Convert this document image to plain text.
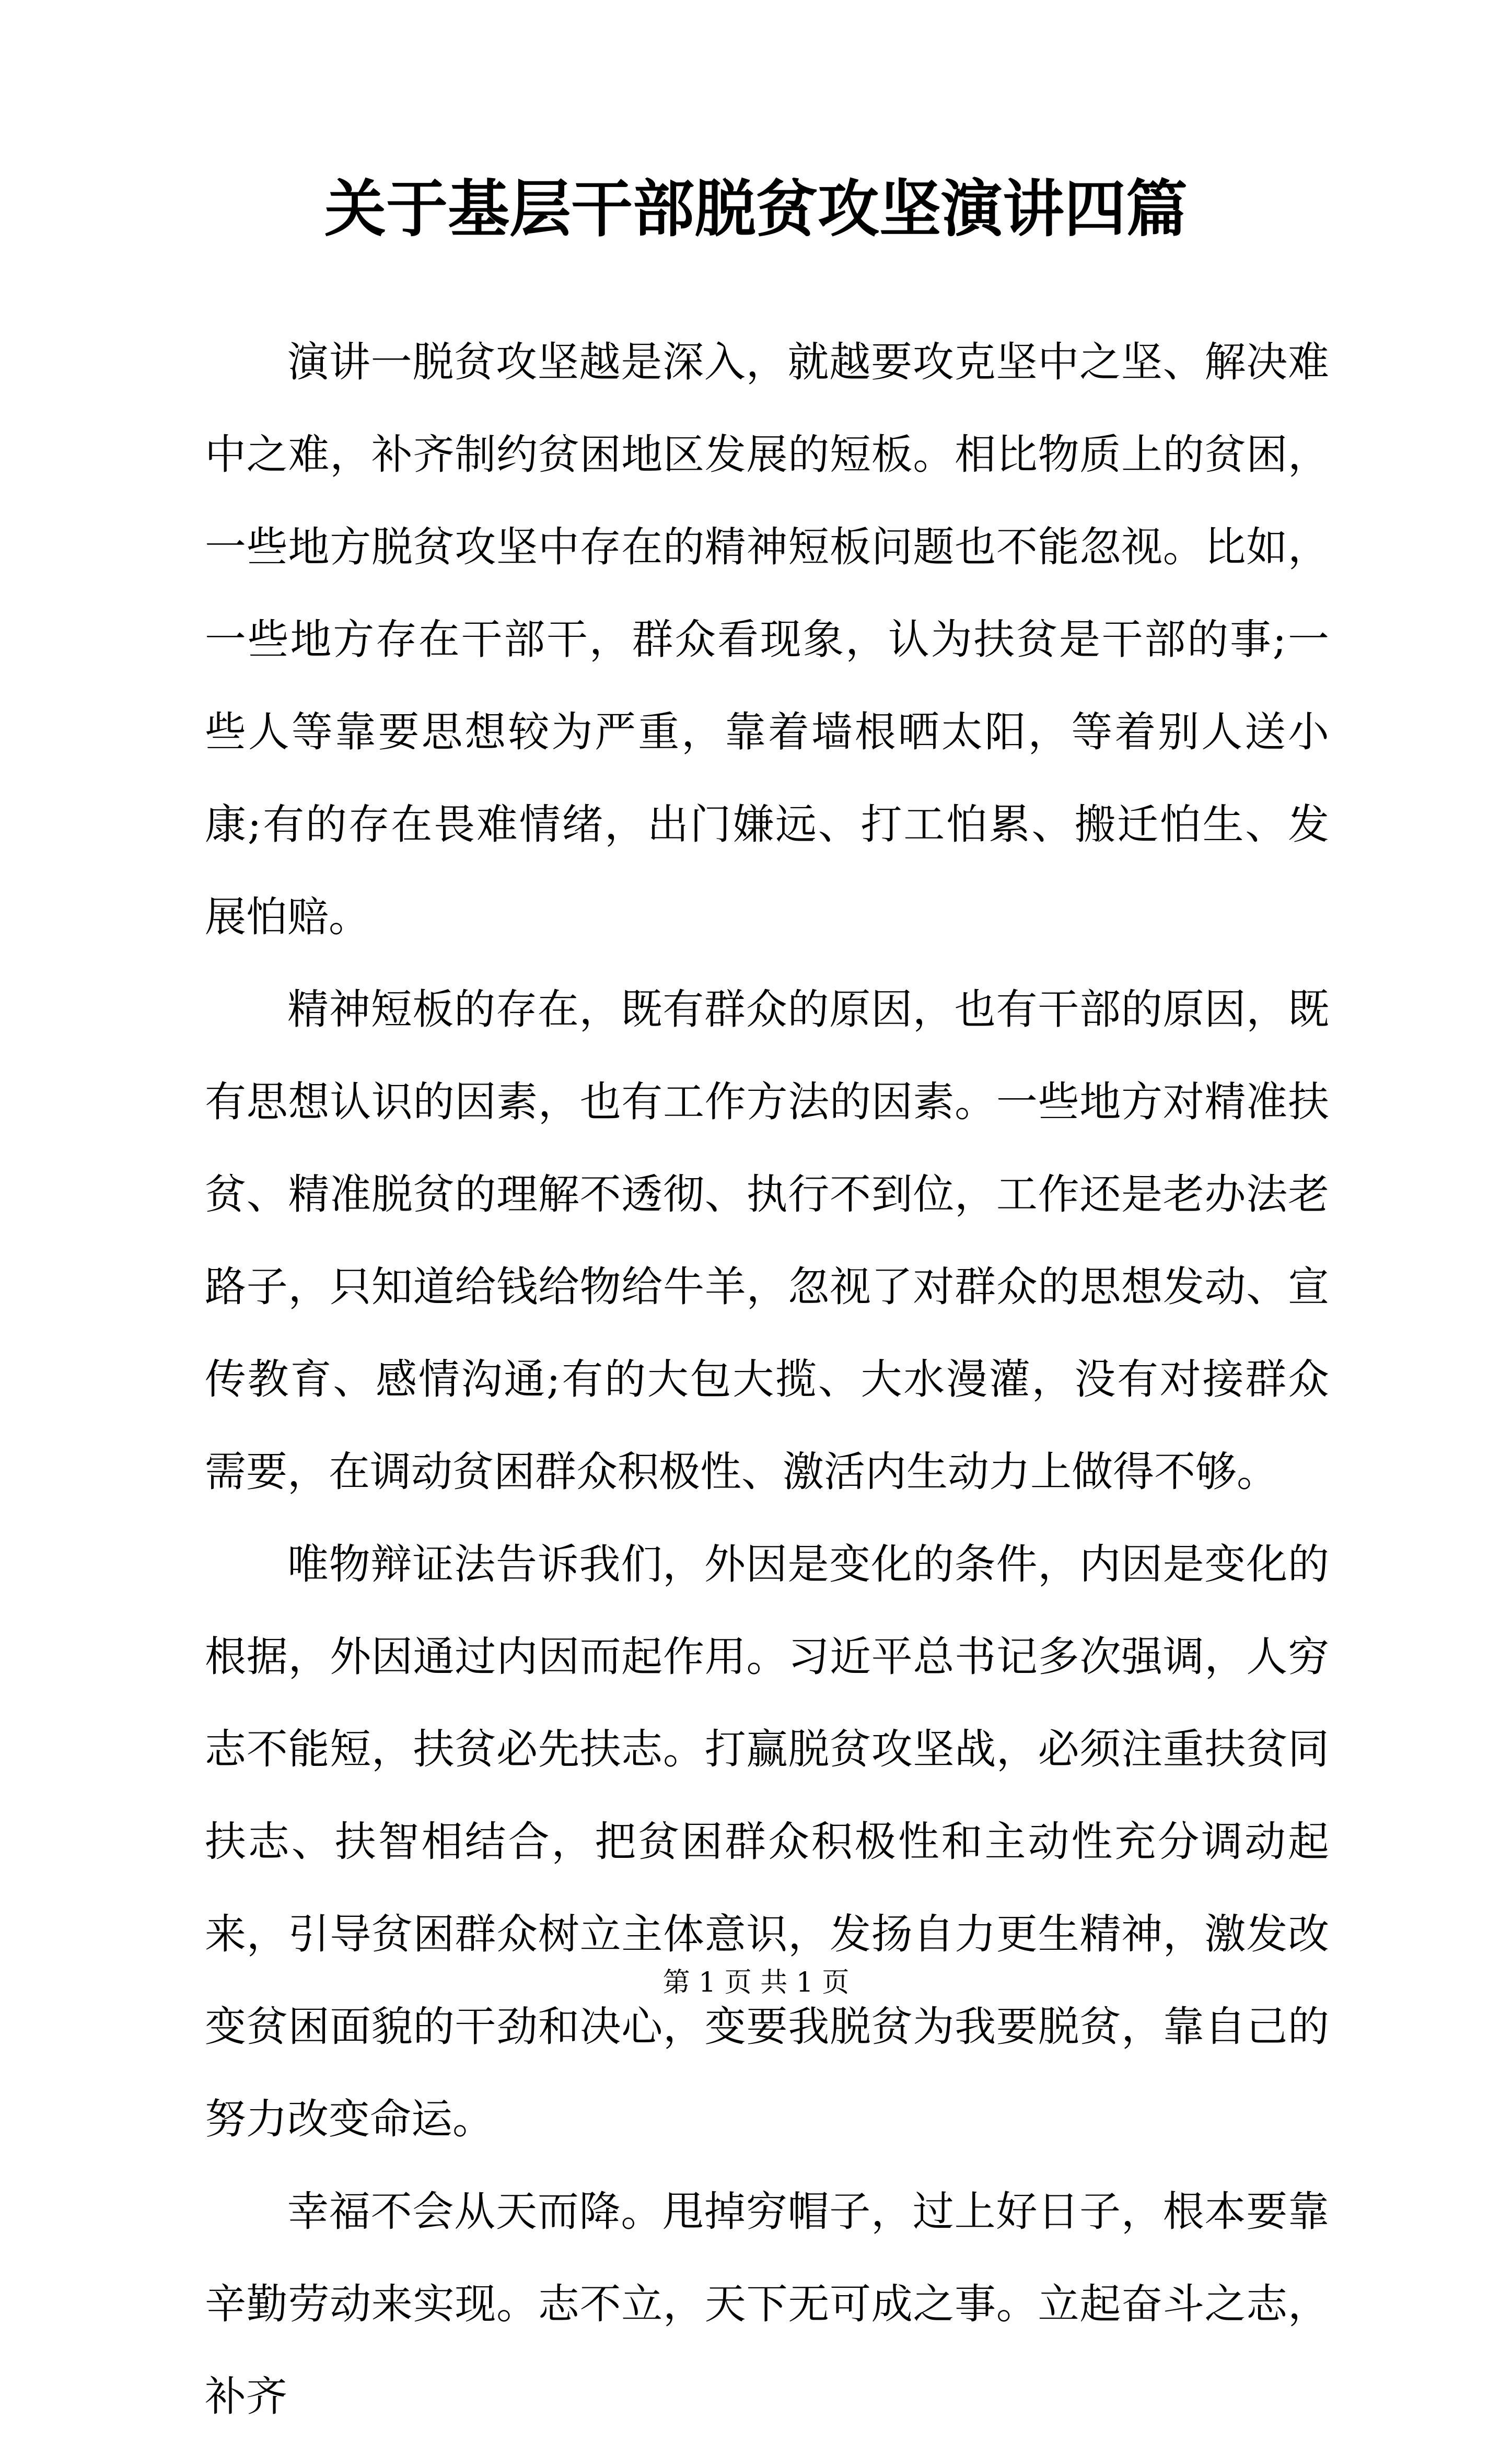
关于基层干部脱贫攻坚演讲四篇

演讲一脱贫攻坚越是深入，就越要攻克坚中之坚、解决难中之难，补齐制约贫困地区发展的短板。相比物质上的贫困，一些地方脱贫攻坚中存在的精神短板问题也不能忽视。比如，一些地方存在干部干，群众看现象，认为扶贫是干部的事;一些人等靠要思想较为严重，靠着墙根晒太阳，等着别人送小康;有的存在畏难情绪，出门嫌远、打工怕累、搬迁怕生、发展怕赔。

精神短板的存在，既有群众的原因，也有干部的原因，既有思想认识的因素，也有工作方法的因素。一些地方对精准扶贫、精准脱贫的理解不透彻、执行不到位，工作还是老办法老路子，只知道给钱给物给牛羊，忽视了对群众的思想发动、宣传教育、感情沟通;有的大包大揽、大水漫灌，没有对接群众需要，在调动贫困群众积极性、激活内生动力上做得不够。

唯物辩证法告诉我们，外因是变化的条件，内因是变化的根据，外因通过内因而起作用。习近平总书记多次强调，人穷志不能短，扶贫必先扶志。打赢脱贫攻坚战，必须注重扶贫同扶志、扶智相结合，把贫困群众积极性和主动性充分调动起来，引导贫困群众树立主体意识，发扬自力更生精神，激发改变贫困面貌的干劲和决心，变要我脱贫为我要脱贫，靠自己的努力改变命运。

幸福不会从天而降。甩掉穷帽子，过上好日子，根本要靠辛勤劳动来实现。志不立，天下无可成之事。立起奋斗之志，补齐

第 1 页 共 1 页
